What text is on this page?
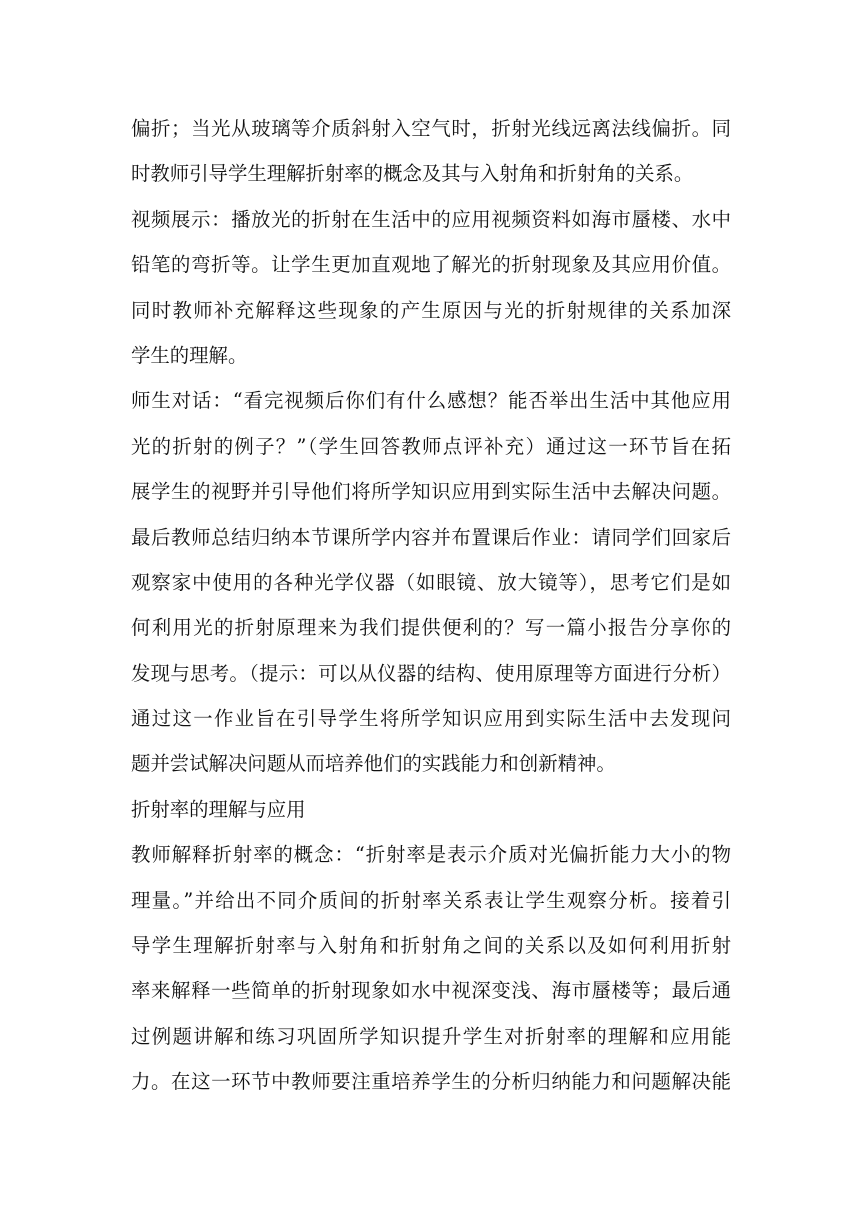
偏折；当光从玻璃等介质斜射入空气时，折射光线远离法线偏折。同
时教师引导学生理解折射率的概念及其与入射角和折射角的关系。
视频展示：播放光的折射在生活中的应用视频资料如海市蜃楼、水中
铅笔的弯折等。让学生更加直观地了解光的折射现象及其应用价值。
同时教师补充解释这些现象的产生原因与光的折射规律的关系加深
学生的理解。
师生对话：“看完视频后你们有什么感想？能否举出生活中其他应用
光的折射的例子？”（学生回答教师点评补充）通过这一环节旨在拓
展学生的视野并引导他们将所学知识应用到实际生活中去解决问题。
最后教师总结归纳本节课所学内容并布置课后作业：请同学们回家后
观察家中使用的各种光学仪器（如眼镜、放大镜等），思考它们是如
何利用光的折射原理来为我们提供便利的？写一篇小报告分享你的
发现与思考。（提示：可以从仪器的结构、使用原理等方面进行分析）
通过这一作业旨在引导学生将所学知识应用到实际生活中去发现问
题并尝试解决问题从而培养他们的实践能力和创新精神。
折射率的理解与应用
教师解释折射率的概念：“折射率是表示介质对光偏折能力大小的物
理量。”并给出不同介质间的折射率关系表让学生观察分析。接着引
导学生理解折射率与入射角和折射角之间的关系以及如何利用折射
率来解释一些简单的折射现象如水中视深变浅、海市蜃楼等；最后通
过例题讲解和练习巩固所学知识提升学生对折射率的理解和应用能
力。在这一环节中教师要注重培养学生的分析归纳能力和问题解决能
